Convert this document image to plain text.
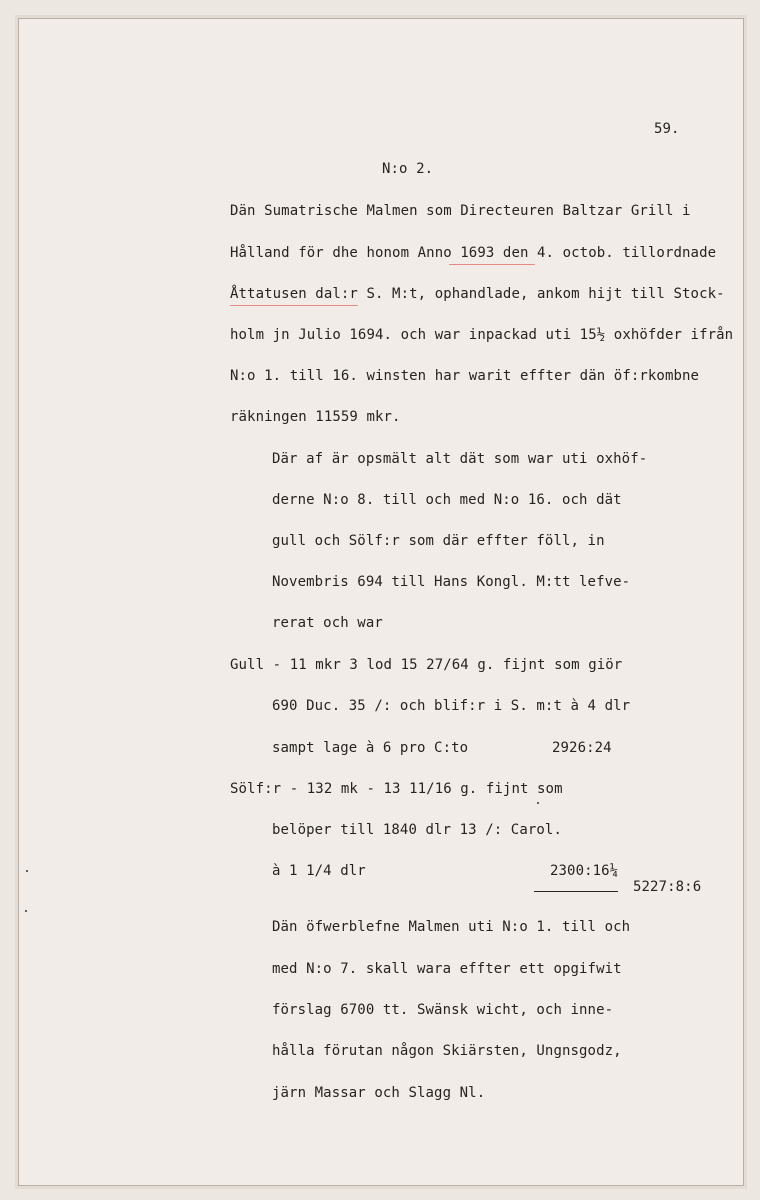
59.
N:o 2.
Dän Sumatrische Malmen som Directeuren Baltzar Grill i
Hålland för dhe honom Anno 1693 den 4. octob. tillordnade
Åttatusen dal:r S. M:t, ophandlade, ankom hijt till Stock-
holm jn Julio 1694. och war inpackad uti 15½ oxhöfder ifrån
N:o 1. till 16. winsten har warit effter dän öf:rkombne
räkningen 11559 mkr.
Där af är opsmält alt dät som war uti oxhöf-
derne N:o 8. till och med N:o 16. och dät
gull och Sölf:r som där effter föll, in
Novembris 694 till Hans Kongl. M:tt lefve-
rerat och war
Gull - 11 mkr 3 lod 15 27/64 g. fijnt som giör
690 Duc. 35 /: och blif:r i S. m:t à 4 dlr
sampt lage à 6 pro C:to	2926:24
Sölf:r - 132 mk - 13 11/16 g. fijnt som
belöper till 1840 dlr 13 /: Carol.
à 1 1/4 dlr	2300:16¼
5227:8:6
Dän öfwerblefne Malmen uti N:o 1. till och
med N:o 7. skall wara effter ett opgifwit
förslag 6700 tt. Swänsk wicht, och inne-
hålla förutan någon Skiärsten, Ungnsgodz,
järn Massar och Slagg Nl.
